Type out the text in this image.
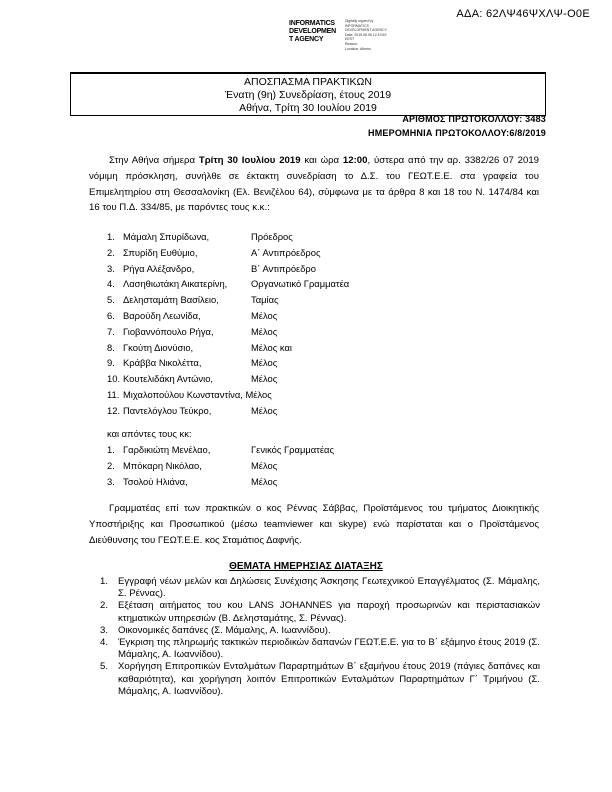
ΑΔΑ: 62ΛΨ46ΨΧΛΨ-Ο0Ε
INFORMATICS
DEVELOPMEN
T AGENCY
Digitally signed by
INFORMATICS
DEVELOPMENT AGENCY
Date: 2019.08.06 12:19:53
EEST
Reason:
Location: Athens
ΑΠΟΣΠΑΣΜΑ ΠΡΑΚΤΙΚΩΝ
Ένατη (9η) Συνεδρίαση, έτους 2019
Αθήνα, Τρίτη 30 Ιουλίου 2019
ΑΡΙΘΜΟΣ ΠΡΩΤΟΚΟΛΛΟΥ: 3483
ΗΜΕΡΟΜΗΝΙΑ ΠΡΩΤΟΚΟΛΛΟΥ:6/8/2019
Στην Αθήνα σήμερα Τρίτη 30 Ιουλίου 2019 και ώρα 12:00, ύστερα από την αρ. 3382/26 07 2019 νόμιμη πρόσκληση, συνήλθε σε έκτακτη συνεδρίαση το Δ.Σ. του ΓΕΩΤ.Ε.Ε. στα γραφεία του Επιμελητηρίου στη Θεσσαλονίκη (Ελ. Βενιζέλου 64), σύμφωνα με τα άρθρα 8 και 18 του Ν. 1474/84 και 16 του Π.Δ. 334/85, με παρόντες τους κ.κ.:
1. Μάμαλη Σπυρίδωνα,	Πρόεδρος
2. Σπυρίδη Ευθύμιο,	Α΄ Αντιπρόεδρος
3. Ρήγα Αλέξανδρο,	Β΄ Αντιπρόεδρο
4. Λασηθιωτάκη Αικατερίνη,	Οργανωτικό Γραμματέα
5. Δελησταμάτη Βασίλειο,	Ταμίας
6. Βαρούδη Λεωνίδα,	Μέλος
7. Γιοβαννόπουλο Ρήγα,	Μέλος
8. Γκούτη Διονύσιο,	Μέλος και
9. Κράββα Νικολέττα,	Μέλος
10. Κουτελιδάκη Αντώνιο,	Μέλος
11. Μιχαλοπούλου Κωνσταντίνα, Μέλος
12. Παντελόγλου Τεύκρο,	Μέλος
και απόντες τους κκ:
1. Γαρδικιώτη Μενέλαο,	Γενικός Γραμματέας
2. Μπόκαρη Νικόλαο,	Μέλος
3. Τσολού Ηλιάνα,	Μέλος
Γραμματέας επί των πρακτικών ο κος Ρέννας Σάββας, Προϊστάμενος του τμήματος Διοικητικής Υποστήριξης και Προσωπικού (μέσω teamviewer και skype) ενώ παρίσταται και ο Προϊστάμενος Διεύθυνσης του ΓΕΩΤ.Ε.Ε. κος Σταμάτιος Δαφνής.
ΘΕΜΑΤΑ ΗΜΕΡΗΣΙΑΣ ΔΙΑΤΑΞΗΣ
1. Εγγραφή νέων μελών και Δηλώσεις Συνέχισης Άσκησης Γεωτεχνικού Επαγγέλματος (Σ. Μάμαλης, Σ. Ρέννας).
2. Εξέταση αιτήματος του κου LANS JOHANNES για παροχή προσωρινών και περιστασιακών κτηματικών υπηρεσιών (Β. Δελησταμάτης, Σ. Ρέννας).
3. Οικονομικές δαπάνες (Σ. Μάμαλης, Α. Ιωαννίδου).
4. Έγκριση της πληρωμής τακτικών περιοδικών δαπανών ΓΕΩΤ.Ε.Ε. για το Β΄ εξάμηνο έτους 2019 (Σ. Μάμαλης, Α. Ιωαννίδου).
5. Χορήγηση Επιτροπικών Ενταλμάτων Παραρτημάτων Β΄ εξαμήνου έτους 2019 (πάγιες δαπάνες και καθαριότητα), και χορήγηση λοιπόν Επιτροπικών Ενταλμάτων Παραρτημάτων Γ΄ Τριμήνου (Σ. Μάμαλης, Α. Ιωαννίδου).
